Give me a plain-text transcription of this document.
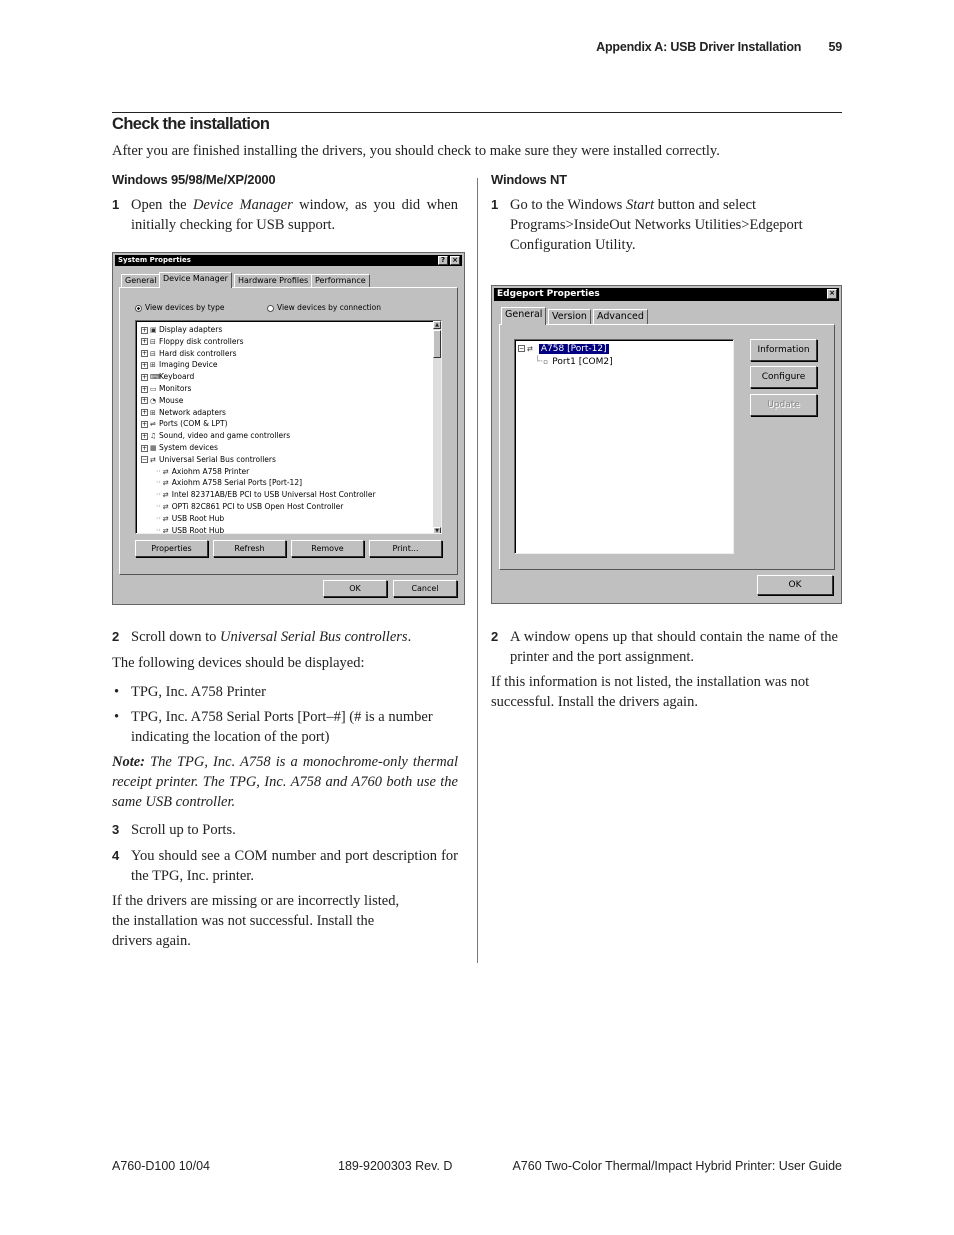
Appendix A: USB Driver Installation 59
Check the installation
After you are finished installing the drivers, you should check to make sure they were installed correctly.
Windows 95/98/Me/XP/2000
1 Open the Device Manager window, as you did when initially checking for USB support.
System Properties	?	×
General Device Manager	Hardware Profiles Performance
View devices by type	View devices by connection
+ ▣ Display adapters
+ ⊟ Floppy disk controllers
+ ⊟ Hard disk controllers
+ ⊞ Imaging Device
+ ⌨Keyboard
+ ▭ Monitors
+ ◔ Mouse
+ ⊞ Network adapters
+ ⇌ Ports (COM & LPT)
+ ♫ Sound, video and game controllers
+ ▦ System devices
− ⇄ Universal Serial Bus controllers
·· ⇄ Axiohm A758 Printer
·· ⇄ Axiohm A758 Serial Ports [Port-12]
·· ⇄ Intel 82371AB/EB PCI to USB Universal Host Controller
·· ⇄ OPTi 82C861 PCI to USB Open Host Controller
·· ⇄ USB Root Hub
·· ⇄ USB Root Hub
▲
▼
Properties	Refresh	Remove	Print...
OK	Cancel
2 Scroll down to Universal Serial Bus controllers.
The following devices should be displayed:
• TPG, Inc. A758 Printer
• TPG, Inc. A758 Serial Ports [Port–#] (# is a number indicating the location of the port)
Note: The TPG, Inc. A758 is a monochrome-only thermal receipt printer. The TPG, Inc. A758 and A760 both use the same USB controller.
3 Scroll up to Ports.
4 You should see a COM number and port description for the TPG, Inc. printer.
If the drivers are missing or are incorrectly listed,
the installation was not successful. Install the
drivers again.
Windows NT
1 Go to the Windows Start button and select Programs>InsideOut Networks Utilities>Edgeport Configuration Utility.
Edgeport Properties	×
General	Version	Advanced
− ⇄ A758 [Port-12]
└·▫ Port1 [COM2]
Information
Configure
Update
OK
2 A window opens up that should contain the name of the printer and the port assignment.
If this information is not listed, the installation was not successful. Install the drivers again.
A760-D100 10/04	189-9200303 Rev. D	A760 Two-Color Thermal/Impact Hybrid Printer: User Guide
